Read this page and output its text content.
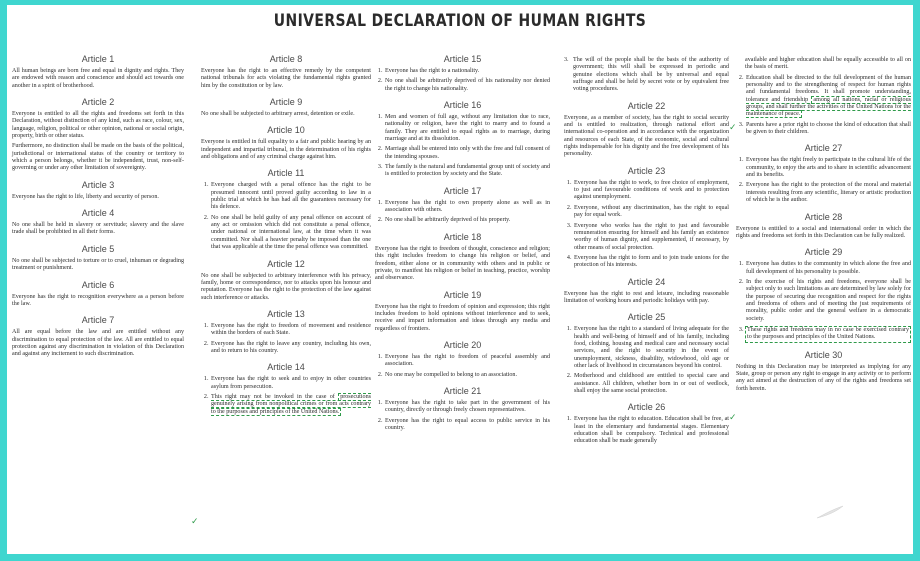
UNIVERSAL DECLARATION OF HUMAN RIGHTS
Article 1

All human beings are born free and equal in dignity and rights. They are endowed with reason and conscience and should act towards one another in a spirit of brotherhood.

Article 2

Everyone is entitled to all the rights and freedoms set forth in this Declaration, without distinction of any kind, such as race, colour, sex, language, religion, political or other opinion, national or social origin, property, birth or other status.

Furthermore, no distinction shall be made on the basis of the political, jurisdictional or international status of the country or territory to which a person belongs, whether it be independent, trust, non-self-governing or under any other limitation of sovereignty.

Article 3

Everyone has the right to life, liberty and security of person.

Article 4

No one shall be held in slavery or servitude; slavery and the slave trade shall be prohibited in all their forms.

Article 5

No one shall be subjected to torture or to cruel, inhuman or degrading treatment or punishment.

Article 6

Everyone has the right to recognition everywhere as a person before the law.

Article 7

All are equal before the law and are entitled without any discrimination to equal protection of the law. All are entitled to equal protection against any discrimination in violation of this Declaration and against any incitement to such discrimination.

Article 8

Everyone has the right to an effective remedy by the competent national tribunals for acts violating the fundamental rights granted him by the constitution or by law.

Article 9

No one shall be subjected to arbitrary arrest, detention or exile.

Article 10

Everyone is entitled in full equality to a fair and public hearing by an independent and impartial tribunal, in the determination of his rights and obligations and of any criminal charge against him.

Article 11
1. Everyone charged with a penal offence has the right to be presumed innocent until proved guilty according to law in a public trial at which he has had all the guarantees necessary for his defence.
2. No one shall be held guilty of any penal offence on account of any act or omission which did not constitute a penal offence, under national or international law, at the time when it was committed. Nor shall a heavier penalty be imposed than the one that was applicable at the time the penal offence was committed.
Article 12

No one shall be subjected to arbitrary interference with his privacy, family, home or correspondence, nor to attacks upon his honour and reputation. Everyone has the right to the protection of the law against such interference or attacks.

Article 13
1. Everyone has the right to freedom of movement and residence within the borders of each State.
2. Everyone has the right to leave any country, including his own, and to return to his country.
Article 14
1. Everyone has the right to seek and to enjoy in other countries asylum from persecution.
2. This right may not be invoked in the case of prosecutions genuinely arising from nonpolitical crimes or from acts contrary to the purposes and principles of the United Nations.
Article 15
1. Everyone has the right to a nationality.
2. No one shall be arbitrarily deprived of his nationality nor denied the right to change his nationality.
Article 16
1. Men and women of full age, without any limitation due to race, nationality or religion, have the right to marry and to found a family. They are entitled to equal rights as to marriage, during marriage and at its dissolution.
2. Marriage shall be entered into only with the free and full consent of the intending spouses.
3. The family is the natural and fundamental group unit of society and is entitled to protection by society and the State.
Article 17
1. Everyone has the right to own property alone as well as in association with others.
2. No one shall be arbitrarily deprived of his property.
Article 18

Everyone has the right to freedom of thought, conscience and religion; this right includes freedom to change his religion or belief, and freedom, either alone or in community with others and in public or private, to manifest his religion or belief in teaching, practice, worship and observance.

Article 19

Everyone has the right to freedom of opinion and expression; this right includes freedom to hold opinions without interference and to seek, receive and impart information and ideas through any media and regardless of frontiers.

Article 20
1. Everyone has the right to freedom of peaceful assembly and association.
2. No one may be compelled to belong to an association.
Article 21
1. Everyone has the right to take part in the government of his country, directly or through freely chosen representatives.
2. Everyone has the right to equal access to public service in his country.

3. The will of the people shall be the basis of the authority of government; this will shall be expressed in periodic and genuine elections which shall be by universal and equal suffrage and shall be held by secret vote or by equivalent free voting procedures.

Article 22

Everyone, as a member of society, has the right to social security and is entitled to realization, through national effort and international co-operation and in accordance with the organization and resources of each State, of the economic, social and cultural rights indispensable for his dignity and the free development of his personality.

Article 23
1. Everyone has the right to work, to free choice of employment, to just and favourable conditions of work and to protection against unemployment.
2. Everyone, without any discrimination, has the right to equal pay for equal work.
3. Everyone who works has the right to just and favourable remuneration ensuring for himself and his family an existence worthy of human dignity, and supplemented, if necessary, by other means of social protection.
4. Everyone has the right to form and to join trade unions for the protection of his interests.
Article 24

Everyone has the right to rest and leisure, including reasonable limitation of working hours and periodic holidays with pay.

Article 25
1. Everyone has the right to a standard of living adequate for the health and well-being of himself and of his family, including food, clothing, housing and medical care and necessary social services, and the right to security in the event of unemployment, sickness, disability, widowhood, old age or other lack of livelihood in circumstances beyond his control.
2. Motherhood and childhood are entitled to special care and assistance. All children, whether born in or out of wedlock, shall enjoy the same social protection.
Article 26
1. Everyone has the right to education. Education shall be free, at least in the elementary and fundamental stages. Elementary education shall be compulsory. Technical and professional education shall be made generally

available and higher education shall be equally accessible to all on the basis of merit.

2. Education shall be directed to the full development of the human personality and to the strengthening of respect for human rights and fundamental freedoms. It shall promote understanding, tolerance and friendship among all nations, racial or religious groups, and shall further the activities of the United Nations for the maintenance of peace.
3. Parents have a prior right to choose the kind of education that shall be given to their children.
Article 27
1. Everyone has the right freely to participate in the cultural life of the community, to enjoy the arts and to share in scientific advancement and its benefits.
2. Everyone has the right to the protection of the moral and material interests resulting from any scientific, literary or artistic production of which he is the author.
Article 28

Everyone is entitled to a social and international order in which the rights and freedoms set forth in this Declaration can be fully realized.

Article 29
1. Everyone has duties to the community in which alone the free and full development of his personality is possible.
2. In the exercise of his rights and freedoms, everyone shall be subject only to such limitations as are determined by law solely for the purpose of securing due recognition and respect for the rights and freedoms of others and of meeting the just requirements of morality, public order and the general welfare in a democratic society.
3. These rights and freedoms may in no case be exercised contrary to the purposes and principles of the United Nations.
Article 30

Nothing in this Declaration may be interpreted as implying for any State, group or person any right to engage in any activity or to perform any act aimed at the destruction of any of the rights and freedoms set forth herein.

✓
✓
✓
